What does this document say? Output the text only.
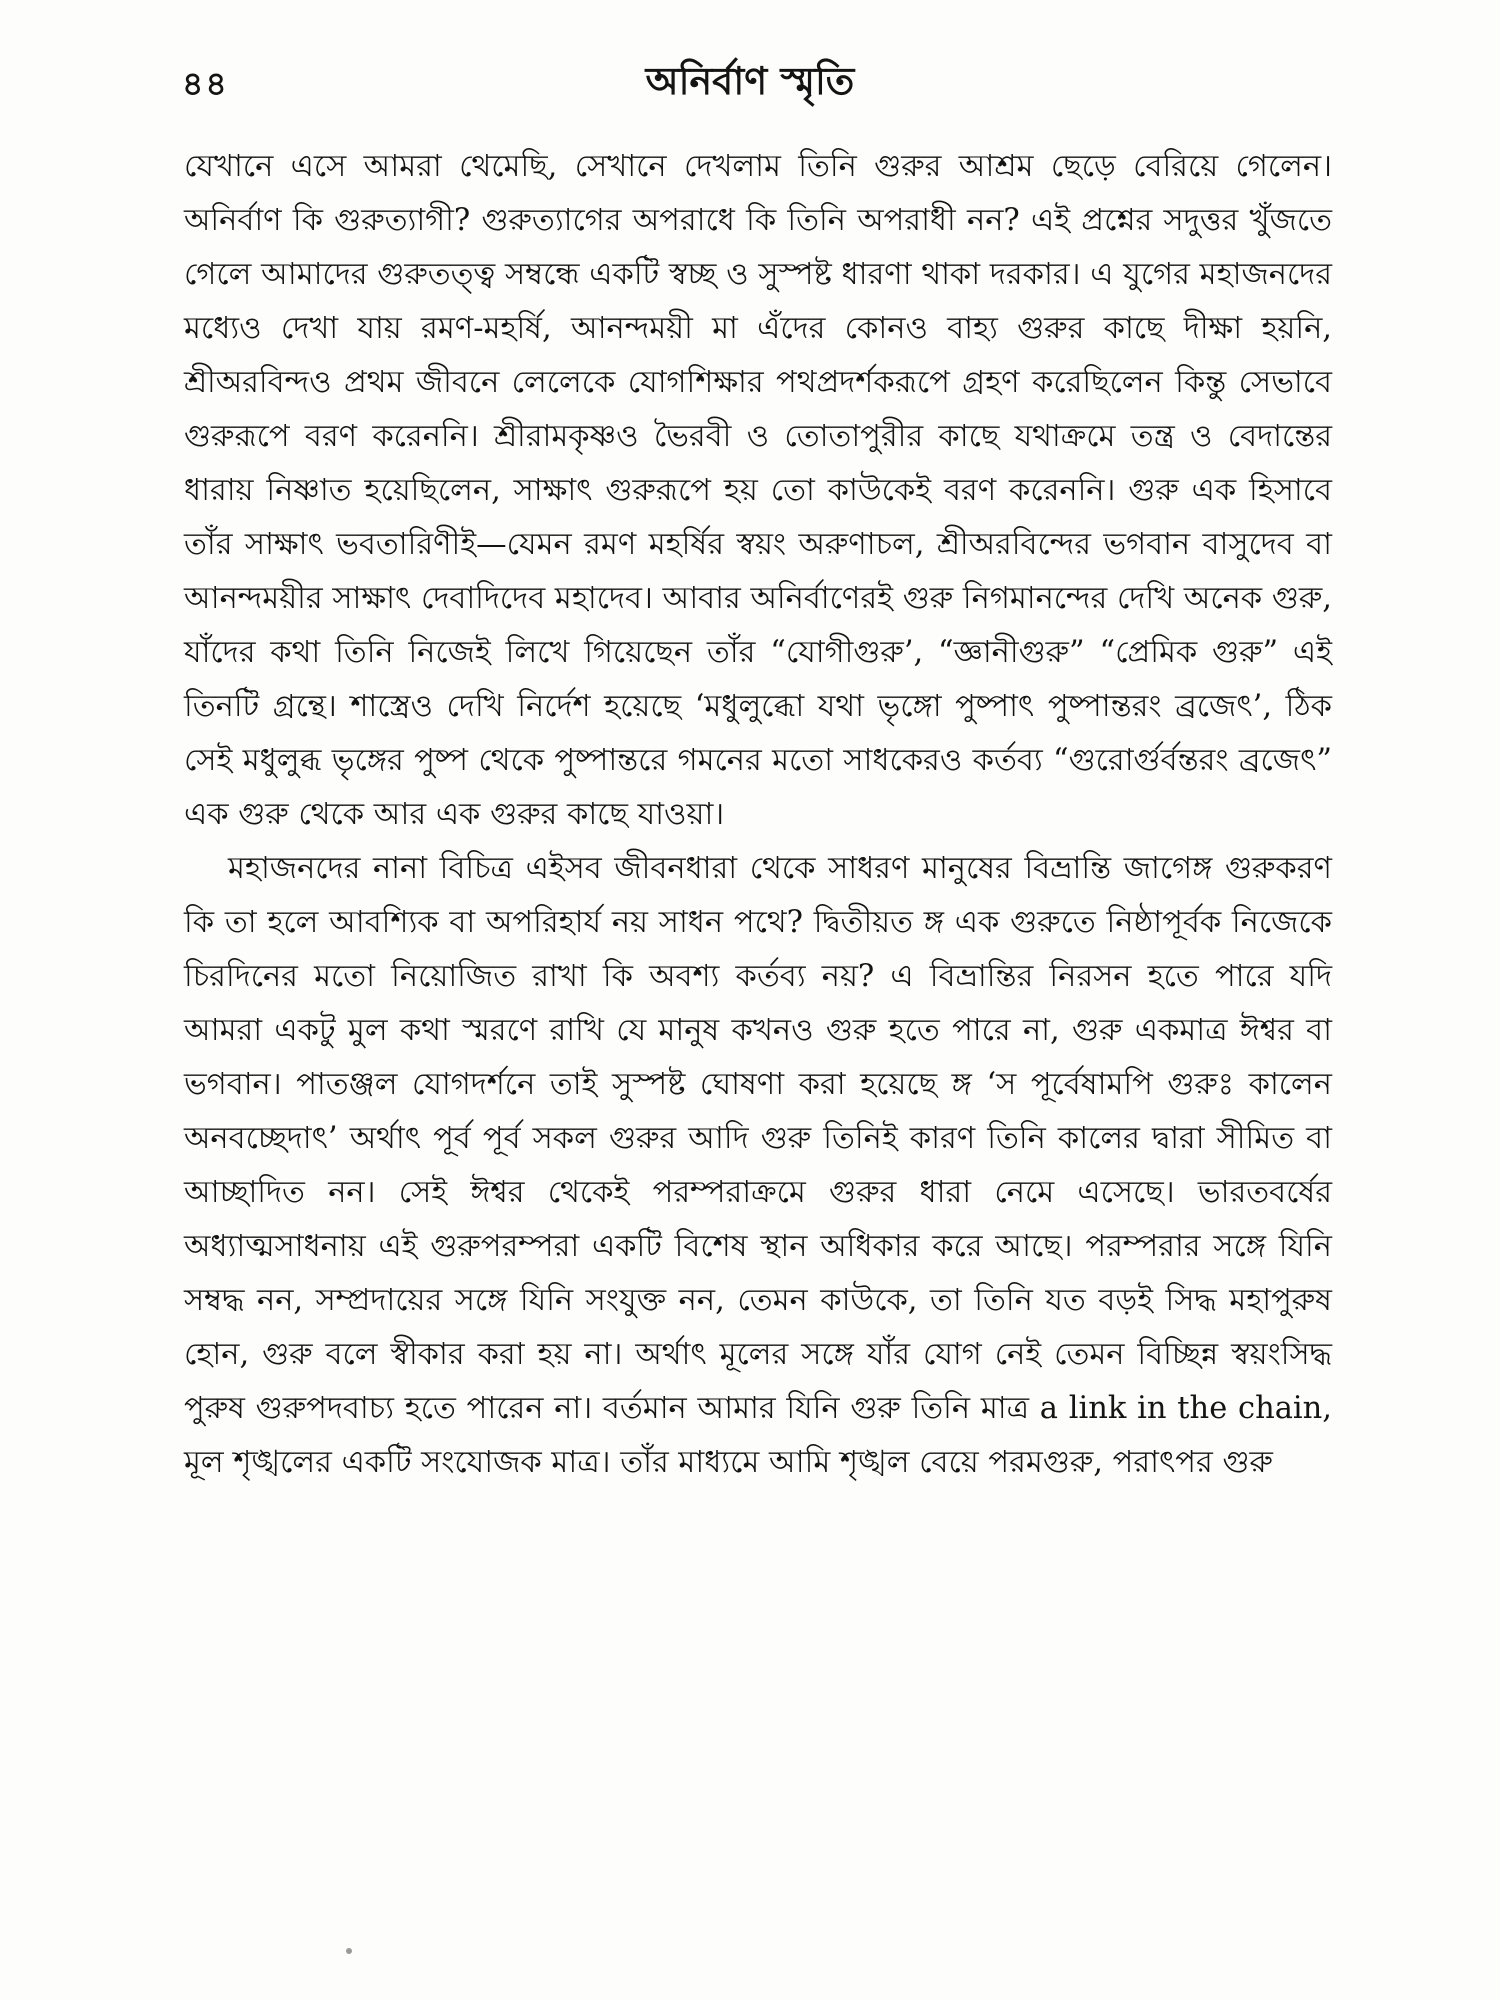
৪৪	অনির্বাণ স্মৃতি

যেখানে এসে আমরা থেমেছি, সেখানে দেখলাম তিনি গুরুর আশ্রম ছেড়ে বেরিয়ে গেলেন। অনির্বাণ কি গুরুত্যাগী? গুরুত্যাগের অপরাধে কি তিনি অপরাধী নন? এই প্রশ্নের সদুত্তর খুঁজতে গেলে আমাদের গুরুতত্ত্ব সম্বন্ধে একটি স্বচ্ছ ও সুস্পষ্ট ধারণা থাকা দরকার। এ যুগের মহাজনদের মধ্যেও দেখা যায় রমণ-মহর্ষি, আনন্দময়ী মা এঁদের কোনও বাহ্য গুরুর কাছে দীক্ষা হয়নি, শ্রীঅরবিন্দও প্রথম জীবনে লেলেকে যোগশিক্ষার পথপ্রদর্শকরূপে গ্রহণ করেছিলেন কিন্তু সেভাবে গুরুরূপে বরণ করেননি। শ্রীরামকৃষ্ণও ভৈরবী ও তোতাপুরীর কাছে যথাক্রমে তন্ত্র ও বেদান্তের ধারায় নিষ্ণাত হয়েছিলেন, সাক্ষাৎ গুরুরূপে হয় তো কাউকেই বরণ করেননি। গুরু এক হিসাবে তাঁর সাক্ষাৎ ভবতারিণীই—যেমন রমণ মহর্ষির স্বয়ং অরুণাচল, শ্রীঅরবিন্দের ভগবান বাসুদেব বা আনন্দময়ীর সাক্ষাৎ দেবাদিদেব মহাদেব। আবার অনির্বাণেরই গুরু নিগমানন্দের দেখি অনেক গুরু, যাঁদের কথা তিনি নিজেই লিখে গিয়েছেন তাঁর “যোগীগুরু’, “জ্ঞানীগুরু” “প্রেমিক গুরু” এই তিনটি গ্রন্থে। শাস্ত্রেও দেখি নির্দেশ হয়েছে ‘মধুলুব্ধো যথা ভৃঙ্গো পুষ্পাৎ পুষ্পান্তরং ব্রজেৎ’, ঠিক সেই মধুলুব্ধ ভৃঙ্গের পুষ্প থেকে পুষ্পান্তরে গমনের মতো সাধকেরও কর্তব্য “গুরোর্গুর্বন্তরং ব্রজেৎ” এক গুরু থেকে আর এক গুরুর কাছে যাওয়া।

মহাজনদের নানা বিচিত্র এইসব জীবনধারা থেকে সাধরণ মানুষের বিভ্রান্তি জাগেঙ্গ গুরুকরণ কি তা হলে আবশ্যিক বা অপরিহার্য নয় সাধন পথে? দ্বিতীয়ত ঙ্গ এক গুরুতে নিষ্ঠাপূর্বক নিজেকে চিরদিনের মতো নিয়োজিত রাখা কি অবশ্য কর্তব্য নয়? এ বিভ্রান্তির নিরসন হতে পারে যদি আমরা একটু মুল কথা স্মরণে রাখি যে মানুষ কখনও গুরু হতে পারে না, গুরু একমাত্র ঈশ্বর বা ভগবান। পাতঞ্জল যোগদর্শনে তাই সুস্পষ্ট ঘোষণা করা হয়েছে ঙ্গ ‘স পূর্বেষামপি গুরুঃ কালেন অনবচ্ছেদাৎ’ অর্থাৎ পূর্ব পূর্ব সকল গুরুর আদি গুরু তিনিই কারণ তিনি কালের দ্বারা সীমিত বা আচ্ছাদিত নন। সেই ঈশ্বর থেকেই পরম্পরাক্রমে গুরুর ধারা নেমে এসেছে। ভারতবর্ষের অধ্যাত্মসাধনায় এই গুরুপরম্পরা একটি বিশেষ স্থান অধিকার করে আছে। পরম্পরার সঙ্গে যিনি সম্বদ্ধ নন, সম্প্রদায়ের সঙ্গে যিনি সংযুক্ত নন, তেমন কাউকে, তা তিনি যত বড়ই সিদ্ধ মহাপুরুষ হোন, গুরু বলে স্বীকার করা হয় না। অর্থাৎ মূলের সঙ্গে যাঁর যোগ নেই তেমন বিচ্ছিন্ন স্বয়ংসিদ্ধ পুরুষ গুরুপদবাচ্য হতে পারেন না। বর্তমান আমার যিনি গুরু তিনি মাত্র a link in the chain, মূল শৃঙ্খলের একটি সংযোজক মাত্র। তাঁর মাধ্যমে আমি শৃঙ্খল বেয়ে পরমগুরু, পরাৎপর গুরু
